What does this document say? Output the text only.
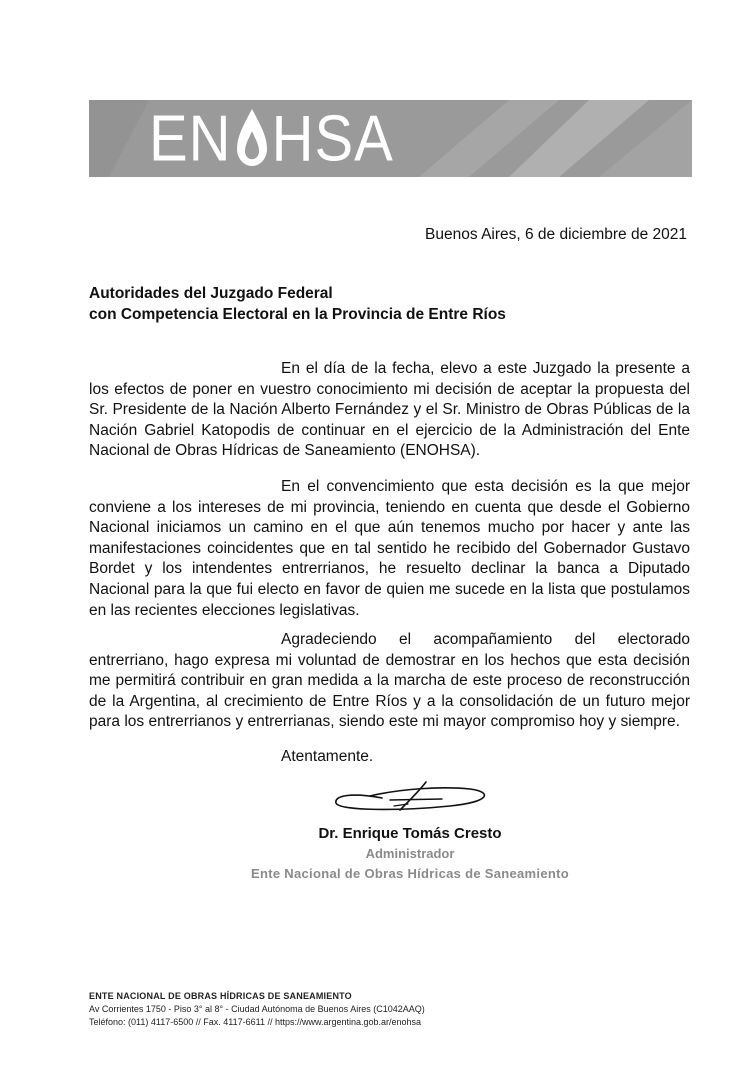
EN HSA
Buenos Aires, 6 de diciembre de 2021
Autoridades del Juzgado Federal
con Competencia Electoral en la Provincia de Entre Ríos

En el día de la fecha, elevo a este Juzgado la presente a los efectos de poner en vuestro conocimiento mi decisión de aceptar la propuesta del Sr. Presidente de la Nación Alberto Fernández y el Sr. Ministro de Obras Públicas de la Nación Gabriel Katopodis de continuar en el ejercicio de la Administración del Ente Nacional de Obras Hídricas de Saneamiento (ENOHSA).

En el convencimiento que esta decisión es la que mejor conviene a los intereses de mi provincia, teniendo en cuenta que desde el Gobierno Nacional iniciamos un camino en el que aún tenemos mucho por hacer y ante las manifestaciones coincidentes que en tal sentido he recibido del Gobernador Gustavo Bordet y los intendentes entrerrianos, he resuelto declinar la banca a Diputado Nacional para la que fui electo en favor de quien me sucede en la lista que postulamos en las recientes elecciones legislativas.

Agradeciendo el acompañamiento del electorado entrerriano, hago expresa mi voluntad de demostrar en los hechos que esta decisión me permitirá contribuir en gran medida a la marcha de este proceso de reconstrucción de la Argentina, al crecimiento de Entre Ríos y a la consolidación de un futuro mejor para los entrerrianos y entrerrianas, siendo este mi mayor compromiso hoy y siempre.

Atentamente.
Dr. Enrique Tomás Cresto
Administrador
Ente Nacional de Obras Hídricas de Saneamiento
ENTE NACIONAL DE OBRAS HÍDRICAS DE SANEAMIENTO
Av Corrientes 1750 - Piso 3° al 8° - Ciudad Autónoma de Buenos Aires (C1042AAQ)
Teléfono: (011) 4117-6500 // Fax. 4117-6611 // https://www.argentina.gob.ar/enohsa
